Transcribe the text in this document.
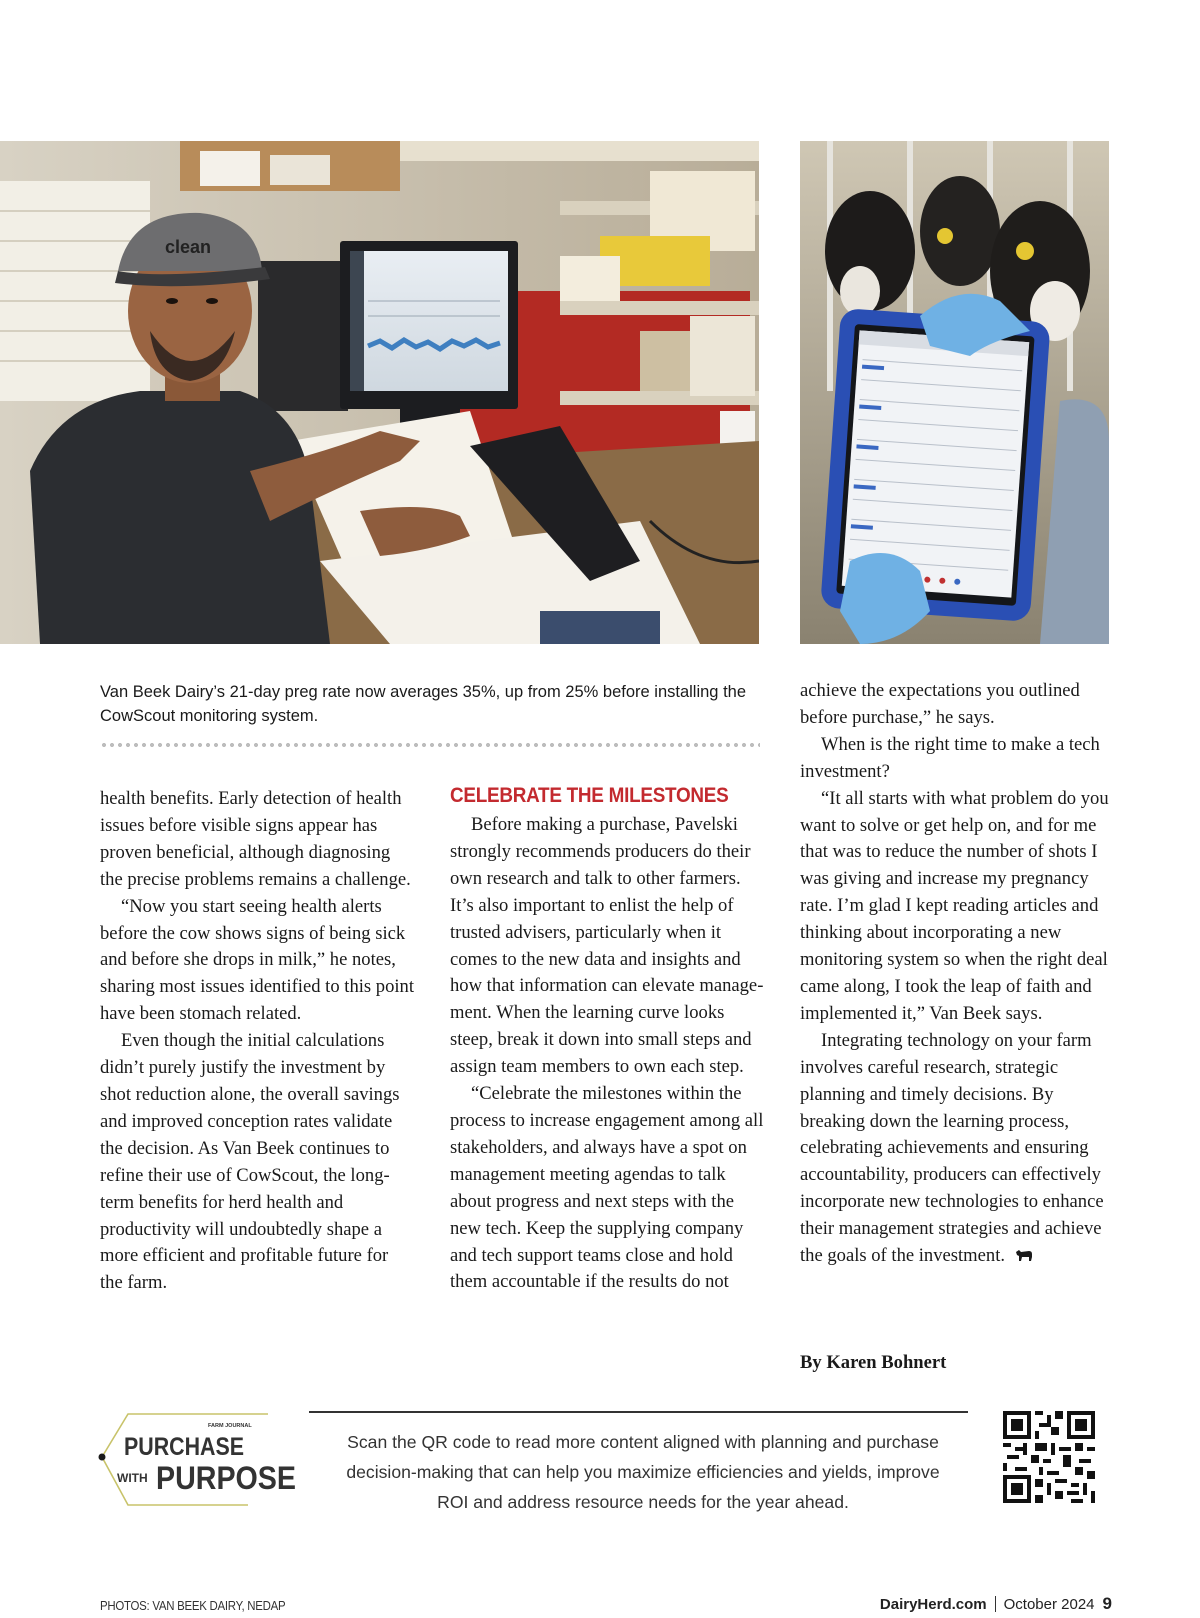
clean
Van Beek Dairy’s 21-day preg rate now averages 35%, up from 25% before installing the CowScout monitoring system.

health benefits. Early detection of health issues before visible signs appear has proven beneficial, although diagnosing the precise problems remains a challenge.

“Now you start seeing health alerts before the cow shows signs of being sick and before she drops in milk,” he notes, sharing most issues identified to this point have been stomach related.

Even though the initial calculations didn’t purely justify the investment by shot reduction alone, the overall savings and improved conception rates validate the decision. As Van Beek continues to refine their use of CowScout, the long-term benefits for herd health and productivity will undoubtedly shape a more efficient and profitable future for the farm.

CELEBRATE THE MILESTONES

Before making a purchase, Pavelski strongly recommends producers do their own research and talk to other farmers. It’s also important to enlist the help of trusted advisers, particularly when it comes to the new data and insights and how that information can elevate management. When the learning curve looks steep, break it down into small steps and assign team members to own each step.

“Celebrate the milestones within the process to increase engagement among all stakeholders, and always have a spot on management meeting agendas to talk about progress and next steps with the new tech. Keep the supplying company and tech support teams close and hold them accountable if the results do not

achieve the expectations you outlined before purchase,” he says.

When is the right time to make a tech investment?

“It all starts with what problem do you want to solve or get help on, and for me that was to reduce the number of shots I was giving and increase my pregnancy rate. I’m glad I kept reading articles and thinking about incorporating a new monitoring system so when the right deal came along, I took the leap of faith and implemented it,” Van Beek says.

Integrating technology on your farm involves careful research, strategic planning and timely decisions. By breaking down the learning process, celebrating achievements and ensuring accountability, producers can effectively incorporate new technologies to enhance their management strategies and achieve the goals of the investment.

By Karen Bohnert
FARM JOURNAL
PURCHASE
WITH PURPOSE
Scan the QR code to read more content aligned with planning and purchase decision-making that can help you maximize efficiencies and yields, improve ROI and address resource needs for the year ahead.
PHOTOS: VAN BEEK DAIRY, NEDAP	DairyHerd.com October 2024 9
